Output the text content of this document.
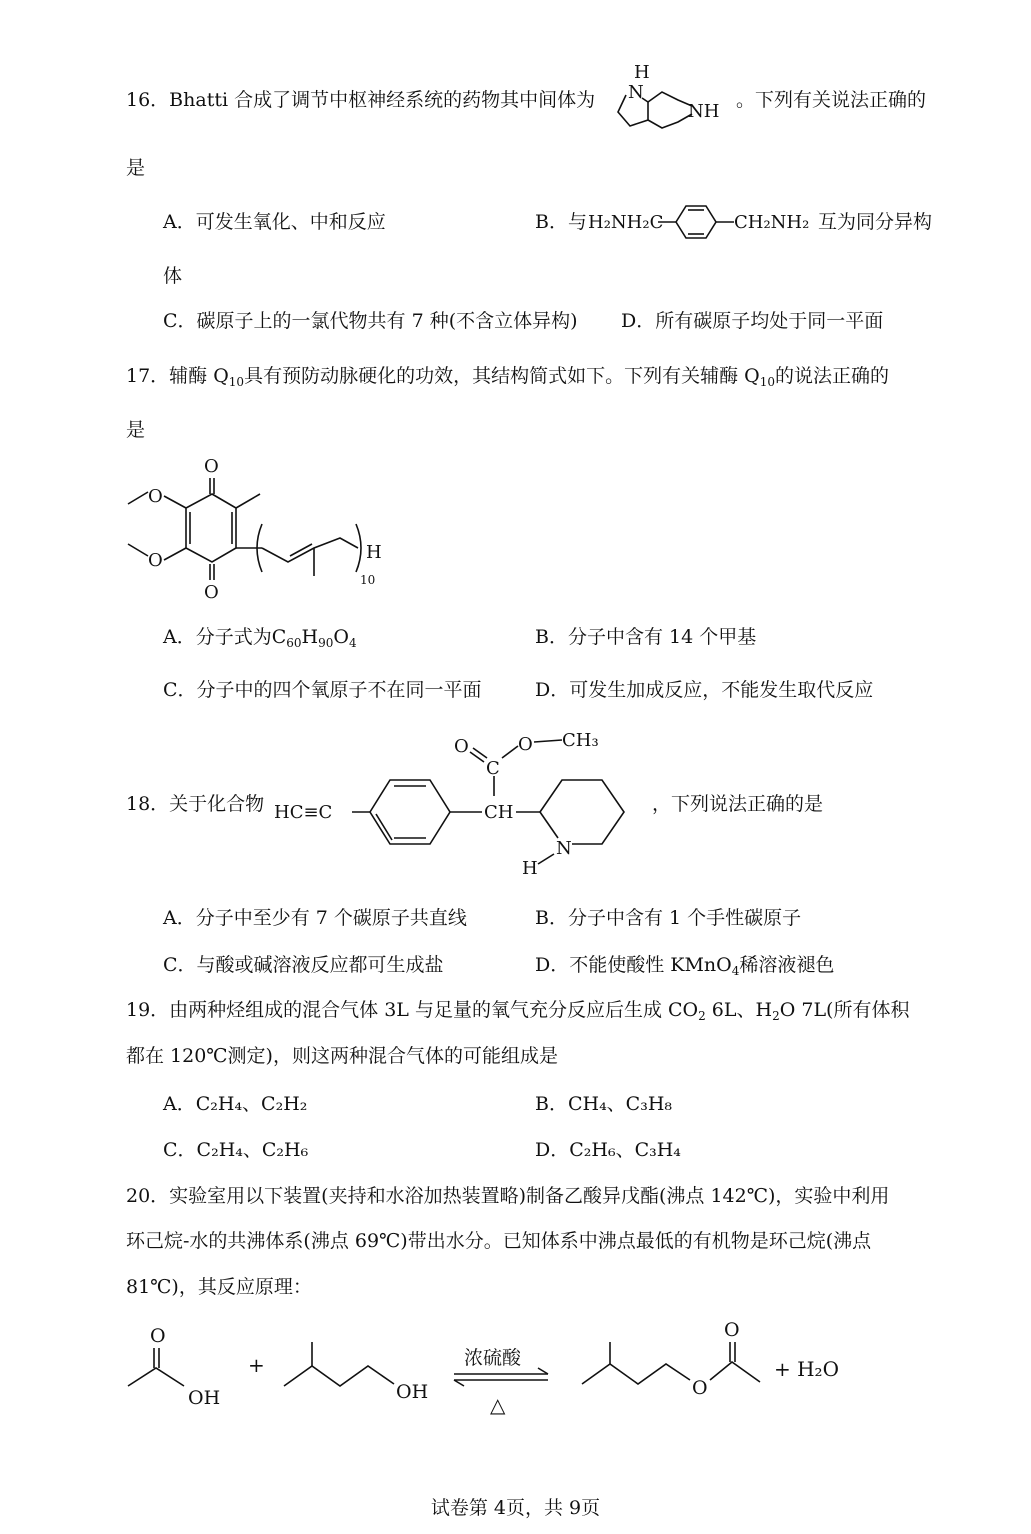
16．Bhatti 合成了调节中枢神经系统的药物其中间体为
H
N
NH
。下列有关说法正确的
是
A．可发生氧化、中和反应	B．与 H₂NH₂C	CH₂NH₂ 互为同分异构
体
C．碳原子上的一氯代物共有 7 种(不含立体异构) D．所有碳原子均处于同一平面
17．辅酶 $Q_{10}$具有预防动脉硬化的功效，其结构简式如下。下列有关辅酶 $Q_{10}$的说法正确的
是
O
O
O
O	H
10
A．分子式为$C_{60}H_{90}O_4$	B．分子中含有 14 个甲基
C．分子中的四个氧原子不在同一平面	D．可发生加成反应，不能发生取代反应
18．关于化合物 HC≡C	CH
C
O	O CH₃
N
H
，下列说法正确的是
A．分子中至少有 7 个碳原子共直线	B．分子中含有 1 个手性碳原子
C．与酸或碱溶液反应都可生成盐	D．不能使酸性 KMnO$_4$稀溶液褪色
19．由两种烃组成的混合气体 3L 与足量的氧气充分反应后生成 $CO_2$ 6L、$H_2O$ 7L(所有体积
都在 120℃测定)，则这两种混合气体的可能组成是
A．C₂H₄、C₂H₂	B．CH₄、C₃H₈
C．C₂H₄、C₂H₆	D．C₂H₆、C₃H₄
20．实验室用以下装置(夹持和水浴加热装置略)制备乙酸异戊酯(沸点 142℃)，实验中利用
环己烷-水的共沸体系(沸点 69℃)带出水分。已知体系中沸点最低的有机物是环己烷(沸点
81℃)，其反应原理：
O
OH
+
OH
浓硫酸
△
O
O
+ H₂O
试卷第 4页，共 9页
